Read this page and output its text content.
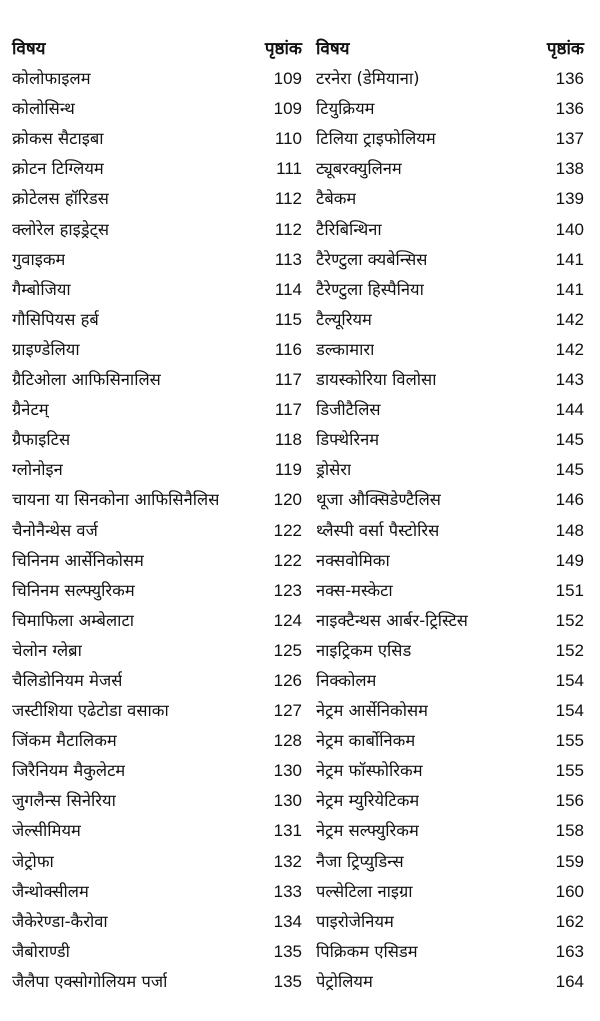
विषय	पृष्ठांक
कोलोफाइलम	109
कोलोसिन्थ	109
क्रोकस सैटाइबा	110
क्रोटन टिग्लियम	111
क्रोटेलस हॉरिडस	112
क्लोरेल हाइड्रेट्स	112
गुवाइकम	113
गैम्बोजिया	114
गौसिपियस हर्ब	115
ग्राइण्डेलिया	116
ग्रैटिओला आफिसिनालिस	117
ग्रैनेटम्	117
ग्रैफाइटिस	118
ग्लोनोइन	119
चायना या सिनकोना आफिसिनैलिस	120
चैनोनैन्थेस वर्ज	122
चिनिनम आर्सेनिकोसम	122
चिनिनम सल्फ्युरिकम	123
चिमाफिला अम्बेलाटा	124
चेलोन ग्लेब्रा	125
चैलिडोनियम मेजर्स	126
जस्टीशिया एढेटोडा वसाका	127
जिंकम मैटालिकम	128
जिरैनियम मैकुलेटम	130
जुगलैन्स सिनेरिया	130
जेल्सीमियम	131
जेट्रोफा	132
जैन्थोक्सीलम	133
जैकेरेण्डा-कैरोवा	134
जैबोराण्डी	135
जैलैपा एक्सोगोलियम पर्जा	135
विषय	पृष्ठांक
टरनेरा (डेमियाना)	136
टियुक्रियम	136
टिलिया ट्राइफोलियम	137
ट्यूबरक्युलिनम	138
टैबेकम	139
टैरिबिन्थिना	140
टैरेण्टुला क्यबेन्सिस	141
टैरेण्टुला हिस्पैनिया	141
टैल्यूरियम	142
डल्कामारा	142
डायस्कोरिया विलोसा	143
डिजीटैलिस	144
डिफ्थेरिनम	145
ड्रोसेरा	145
थूजा औक्सिडेण्टैलिस	146
थ्लैस्पी वर्सा पैस्टोरिस	148
नक्सवोमिका	149
नक्स-मस्केटा	151
नाइक्टैन्थस आर्बर-ट्रिस्टिस	152
नाइट्रिकम एसिड	152
निक्कोलम	154
नेट्रम आर्सेनिकोसम	154
नेट्रम कार्बोनिकम	155
नेट्रम फॉस्फोरिकम	155
नेट्रम म्युरियेटिकम	156
नेट्रम सल्फ्युरिकम	158
नैजा ट्रिप्युडिन्स	159
पल्सेटिला नाइग्रा	160
पाइरोजेनियम	162
पिक्रिकम एसिडम	163
पेट्रोलियम	164
